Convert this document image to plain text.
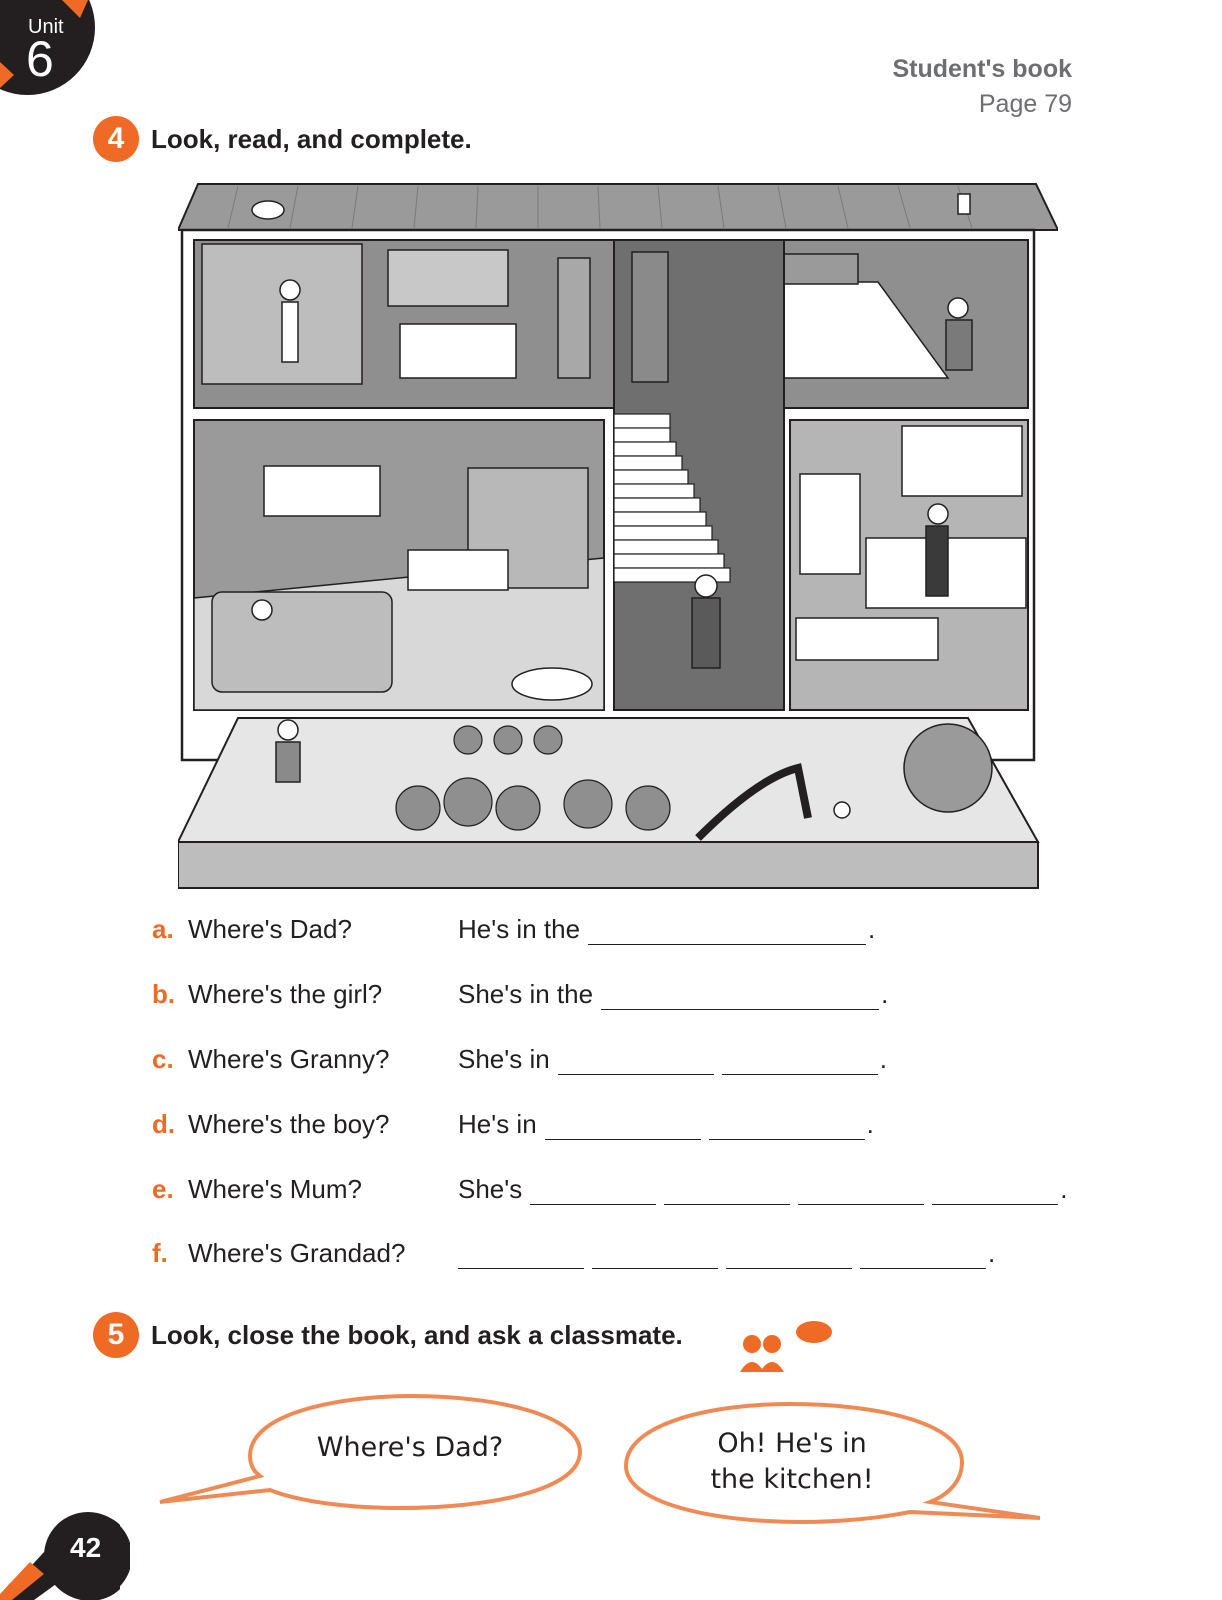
Unit
6	Student's book
Page 79
4	Look, read, and complete.
a. Where's Dad?	He's in the	.
b. Where's the girl?	She's in the	.
c. Where's Granny?	She's in	.
d. Where's the boy?	He's in	.
e. Where's Mum?	She's	.
f. Where's Grandad?	.
5	Look, close the book, and ask a classmate.
Where's Dad?	Oh! He's in
the kitchen!
42
